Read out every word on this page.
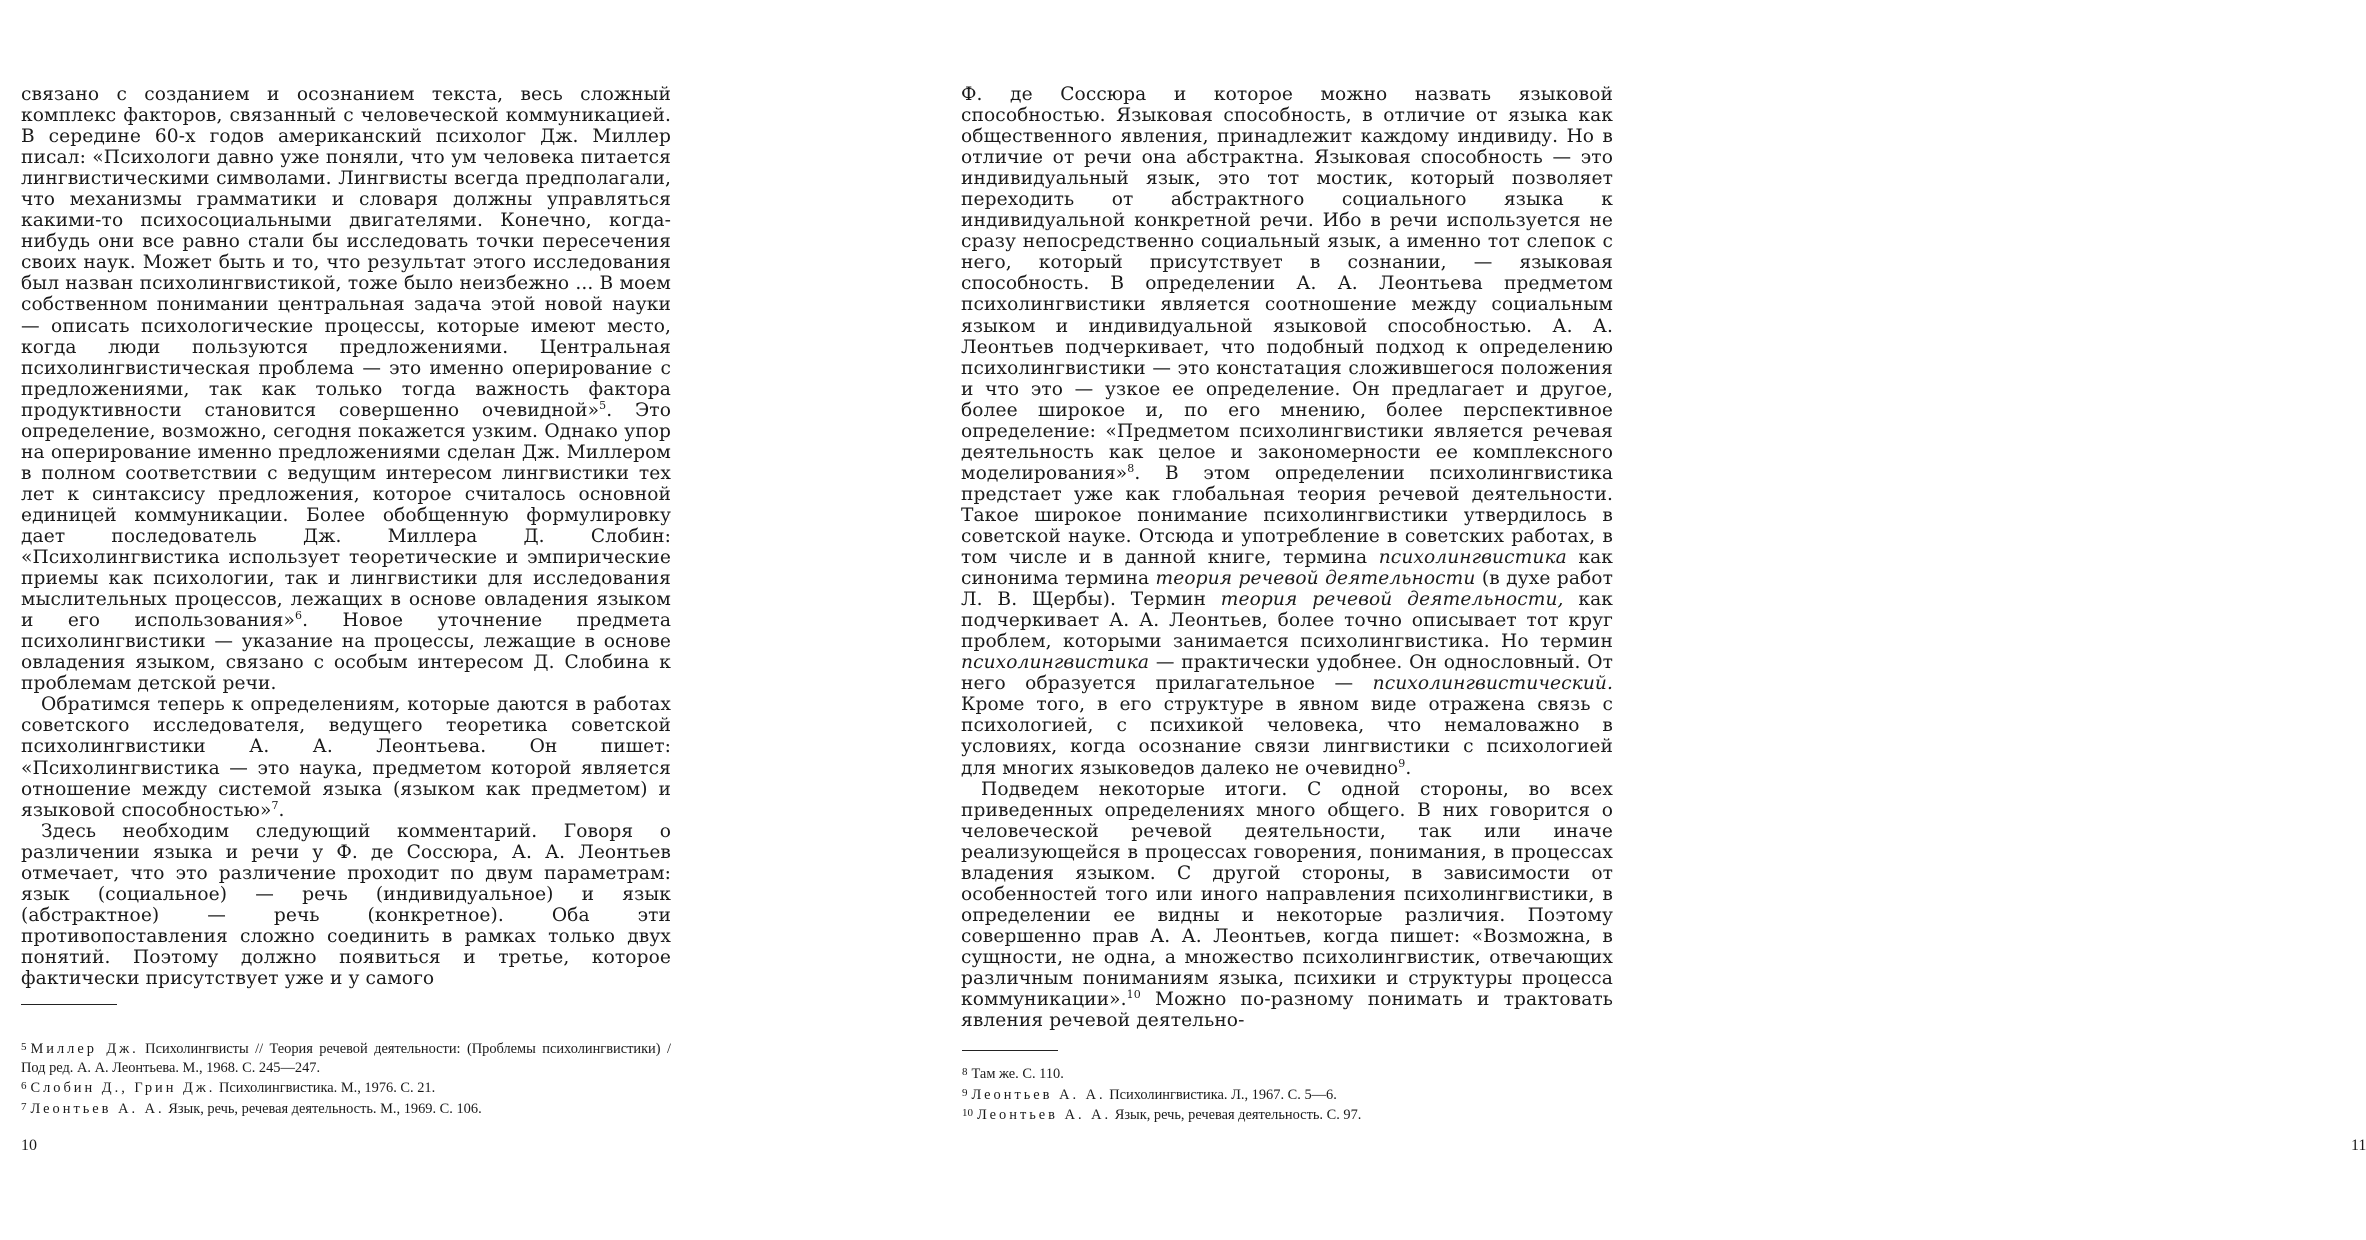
связано с созданием и осознанием текста, весь сложный комплекс факторов, связанный с человеческой коммуникацией. В середине 60-х годов американский психолог Дж. Миллер писал: «Психологи давно уже поняли, что ум человека питается лингвистическими символами. Лингвисты всегда предполагали, что механизмы грамматики и словаря должны управляться какими-то психосоциальными двигателями. Конечно, когда-нибудь они все равно стали бы исследовать точки пересечения своих наук. Может быть и то, что результат этого исследования был назван психолингвистикой, тоже было неизбежно ... В моем собственном понимании центральная задача этой новой науки — описать психологические процессы, которые имеют место, когда люди пользуются предложениями. Центральная психолингвистическая проблема — это именно оперирование с предложениями, так как только тогда важность фактора продуктивности становится совершенно очевидной»$^5$. Это определение, возможно, сегодня покажется узким. Однако упор на оперирование именно предложениями сделан Дж. Миллером в полном соответствии с ведущим интересом лингвистики тех лет к синтаксису предложения, которое считалось основной единицей коммуникации. Более обобщенную формулировку дает последователь Дж. Миллера Д. Слобин: «Психолингвистика использует теоретические и эмпирические приемы как психологии, так и лингвистики для исследования мыслительных процессов, лежащих в основе овладения языком и его использования»$^6$. Новое уточнение предмета психолингвистики — указание на процессы, лежащие в основе овладения языком, связано с особым интересом Д. Слобина к проблемам детской речи.

Обратимся теперь к определениям, которые даются в работах советского исследователя, ведущего теоретика советской психолингвистики А. А. Леонтьева. Он пишет: «Психолингвистика — это наука, предметом которой является отношение между системой языка (языком как предметом) и языковой способностью»$^7$.

Здесь необходим следующий комментарий. Говоря о различении языка и речи у Ф. де Соссюра, А. А. Леонтьев отмечает, что это различение проходит по двум параметрам: язык (социальное) — речь (индивидуальное) и язык (абстрактное) — речь (конкретное). Оба эти противопоставления сложно соединить в рамках только двух понятий. Поэтому должно появиться и третье, которое фактически присутствует уже и у самого

$^5$ Миллер Дж. Психолингвисты // Теория речевой деятельности: (Проблемы психолингвистики) / Под ред. А. А. Леонтьева. М., 1968. С. 245—247.

$^6$ Слобин Д., Грин Дж. Психолингвистика. М., 1976. С. 21.

$^7$ Леонтьев А. А. Язык, речь, речевая деятельность. М., 1969. С. 106.

10

Ф. де Соссюра и которое можно назвать языковой способностью. Языковая способность, в отличие от языка как общественного явления, принадлежит каждому индивиду. Но в отличие от речи она абстрактна. Языковая способность — это индивидуальный язык, это тот мостик, который позволяет переходить от абстрактного социального языка к индивидуальной конкретной речи. Ибо в речи используется не сразу непосредственно социальный язык, а именно тот слепок с него, который присутствует в сознании, — языковая способность. В определении А. А. Леонтьева предметом психолингвистики является соотношение между социальным языком и индивидуальной языковой способностью. А. А. Леонтьев подчеркивает, что подобный подход к определению психолингвистики — это констатация сложившегося положения и что это — узкое ее определение. Он предлагает и другое, более широкое и, по его мнению, более перспективное определение: «Предметом психолингвистики является речевая деятельность как целое и закономерности ее комплексного моделирования»$^8$. В этом определении психолингвистика предстает уже как глобальная теория речевой деятельности. Такое широкое понимание психолингвистики утвердилось в советской науке. Отсюда и употребление в советских работах, в том числе и в данной книге, термина психолингвистика как синонима термина теория речевой деятельности (в духе работ Л. В. Щербы). Термин теория речевой деятельности, как подчеркивает А. А. Леонтьев, более точно описывает тот круг проблем, которыми занимается психолингвистика. Но термин психолингвистика — практически удобнее. Он однословный. От него образуется прилагательное — психолингвистический. Кроме того, в его структуре в явном виде отражена связь с психологией, с психикой человека, что немаловажно в условиях, когда осознание связи лингвистики с психологией для многих языковедов далеко не очевидно$^9$.

Подведем некоторые итоги. С одной стороны, во всех приведенных определениях много общего. В них говорится о человеческой речевой деятельности, так или иначе реализующейся в процессах говорения, понимания, в процессах владения языком. С другой стороны, в зависимости от особенностей того или иного направления психолингвистики, в определении ее видны и некоторые различия. Поэтому совершенно прав А. А. Леонтьев, когда пишет: «Возможна, в сущности, не одна, а множество психолингвистик, отвечающих различным пониманиям языка, психики и структуры процесса коммуникации».$^{10}$ Можно по-разному понимать и трактовать явления речевой деятельно-

$^8$ Там же. С. 110.

$^9$ Леонтьев А. А. Психолингвистика. Л., 1967. С. 5—6.

$^{10}$ Леонтьев А. А. Язык, речь, речевая деятельность. С. 97.

11
